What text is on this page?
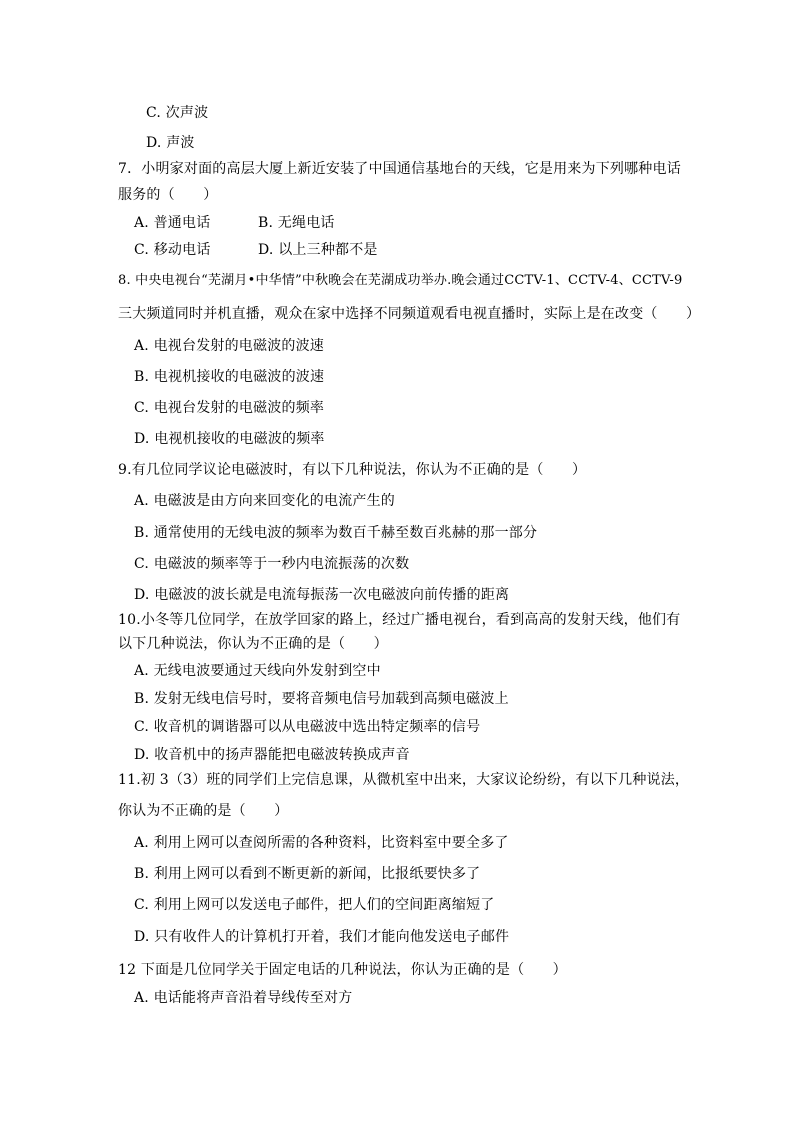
C. 次声波
D. 声波
7．小明家对面的高层大厦上新近安装了中国通信基地台的天线，它是用来为下列哪种电话
服务的（　　）
A. 普通电话	B. 无绳电话
C. 移动电话	D. 以上三种都不是
8. 中央电视台“芜湖月•中华情”中秋晚会在芜湖成功举办.晚会通过CCTV-1、CCTV-4、CCTV-9
三大频道同时并机直播，观众在家中选择不同频道观看电视直播时，实际上是在改变（　　）
A. 电视台发射的电磁波的波速
B. 电视机接收的电磁波的波速
C. 电视台发射的电磁波的频率
D. 电视机接收的电磁波的频率
9.有几位同学议论电磁波时，有以下几种说法，你认为不正确的是（　　）
A. 电磁波是由方向来回变化的电流产生的
B. 通常使用的无线电波的频率为数百千赫至数百兆赫的那一部分
C. 电磁波的频率等于一秒内电流振荡的次数
D. 电磁波的波长就是电流每振荡一次电磁波向前传播的距离
10.小冬等几位同学，在放学回家的路上，经过广播电视台，看到高高的发射天线，他们有
以下几种说法，你认为不正确的是（　　）
A. 无线电波要通过天线向外发射到空中
B. 发射无线电信号时，要将音频电信号加载到高频电磁波上
C. 收音机的调谐器可以从电磁波中选出特定频率的信号
D. 收音机中的扬声器能把电磁波转换成声音
11.初 3（3）班的同学们上完信息课，从微机室中出来，大家议论纷纷，有以下几种说法，
你认为不正确的是（　　）
A. 利用上网可以查阅所需的各种资料，比资料室中要全多了
B. 利用上网可以看到不断更新的新闻，比报纸要快多了
C. 利用上网可以发送电子邮件，把人们的空间距离缩短了
D. 只有收件人的计算机打开着，我们才能向他发送电子邮件
12 下面是几位同学关于固定电话的几种说法，你认为正确的是（　　）
A. 电话能将声音沿着导线传至对方
